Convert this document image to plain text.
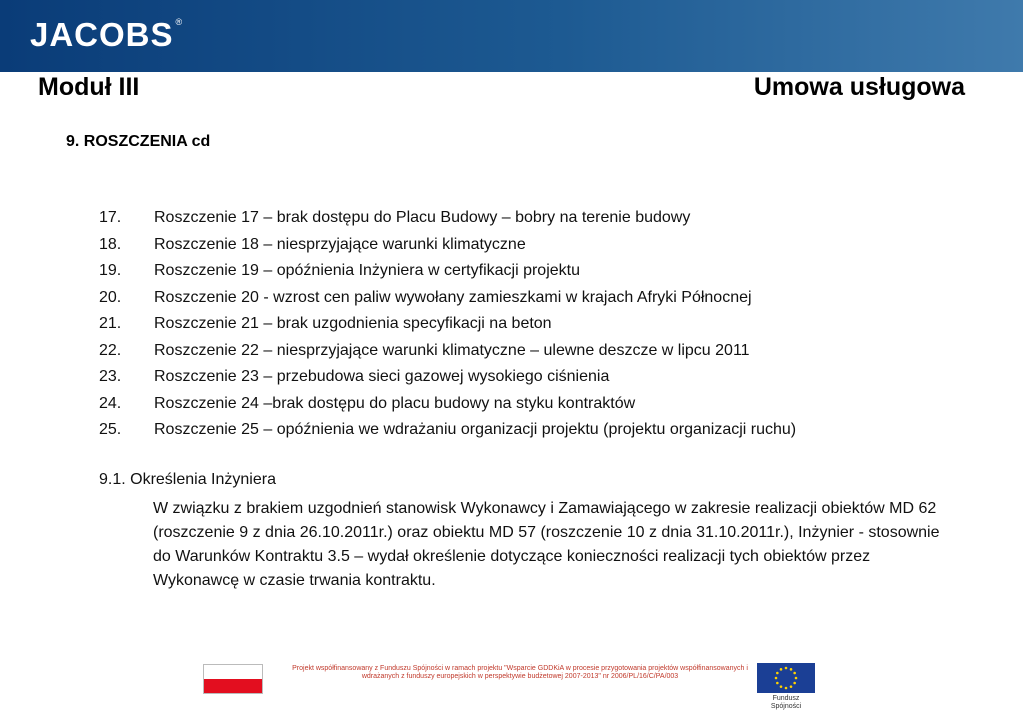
JACOBS ®
Moduł III	Umowa usługowa
9. ROSZCZENIA cd
17.	Roszczenie 17 – brak dostępu do Placu Budowy – bobry na terenie budowy
18.	Roszczenie 18 – niesprzyjające warunki klimatyczne
19.	Roszczenie 19 – opóźnienia Inżyniera w certyfikacji projektu
20.	Roszczenie 20 - wzrost cen paliw wywołany zamieszkami w krajach Afryki Północnej
21.	Roszczenie 21 – brak uzgodnienia specyfikacji na beton
22.	Roszczenie 22 – niesprzyjające warunki klimatyczne – ulewne deszcze w lipcu 2011
23.	Roszczenie 23 – przebudowa sieci gazowej wysokiego ciśnienia
24.	Roszczenie 24 –brak dostępu do placu budowy na styku kontraktów
25.	Roszczenie 25 – opóźnienia we wdrażaniu organizacji projektu (projektu organizacji ruchu)
9.1. Określenia Inżyniera

W związku z brakiem uzgodnień stanowisk Wykonawcy i Zamawiającego w zakresie realizacji obiektów MD 62 (roszczenie 9 z dnia 26.10.2011r.) oraz obiektu MD 57 (roszczenie 10 z dnia 31.10.2011r.), Inżynier - stosownie do Warunków Kontraktu 3.5 – wydał określenie dotyczące konieczności realizacji tych obiektów przez Wykonawcę w czasie trwania kontraktu.

Projekt współfinansowany z Funduszu Spójności w ramach projektu "Wsparcie GDDKiA w procesie przygotowania projektów współfinansowanych i wdrażanych z funduszy europejskich w perspektywie budżetowej 2007-2013" nr 2006/PL/16/C/PA/003
Fundusz
Spójności
